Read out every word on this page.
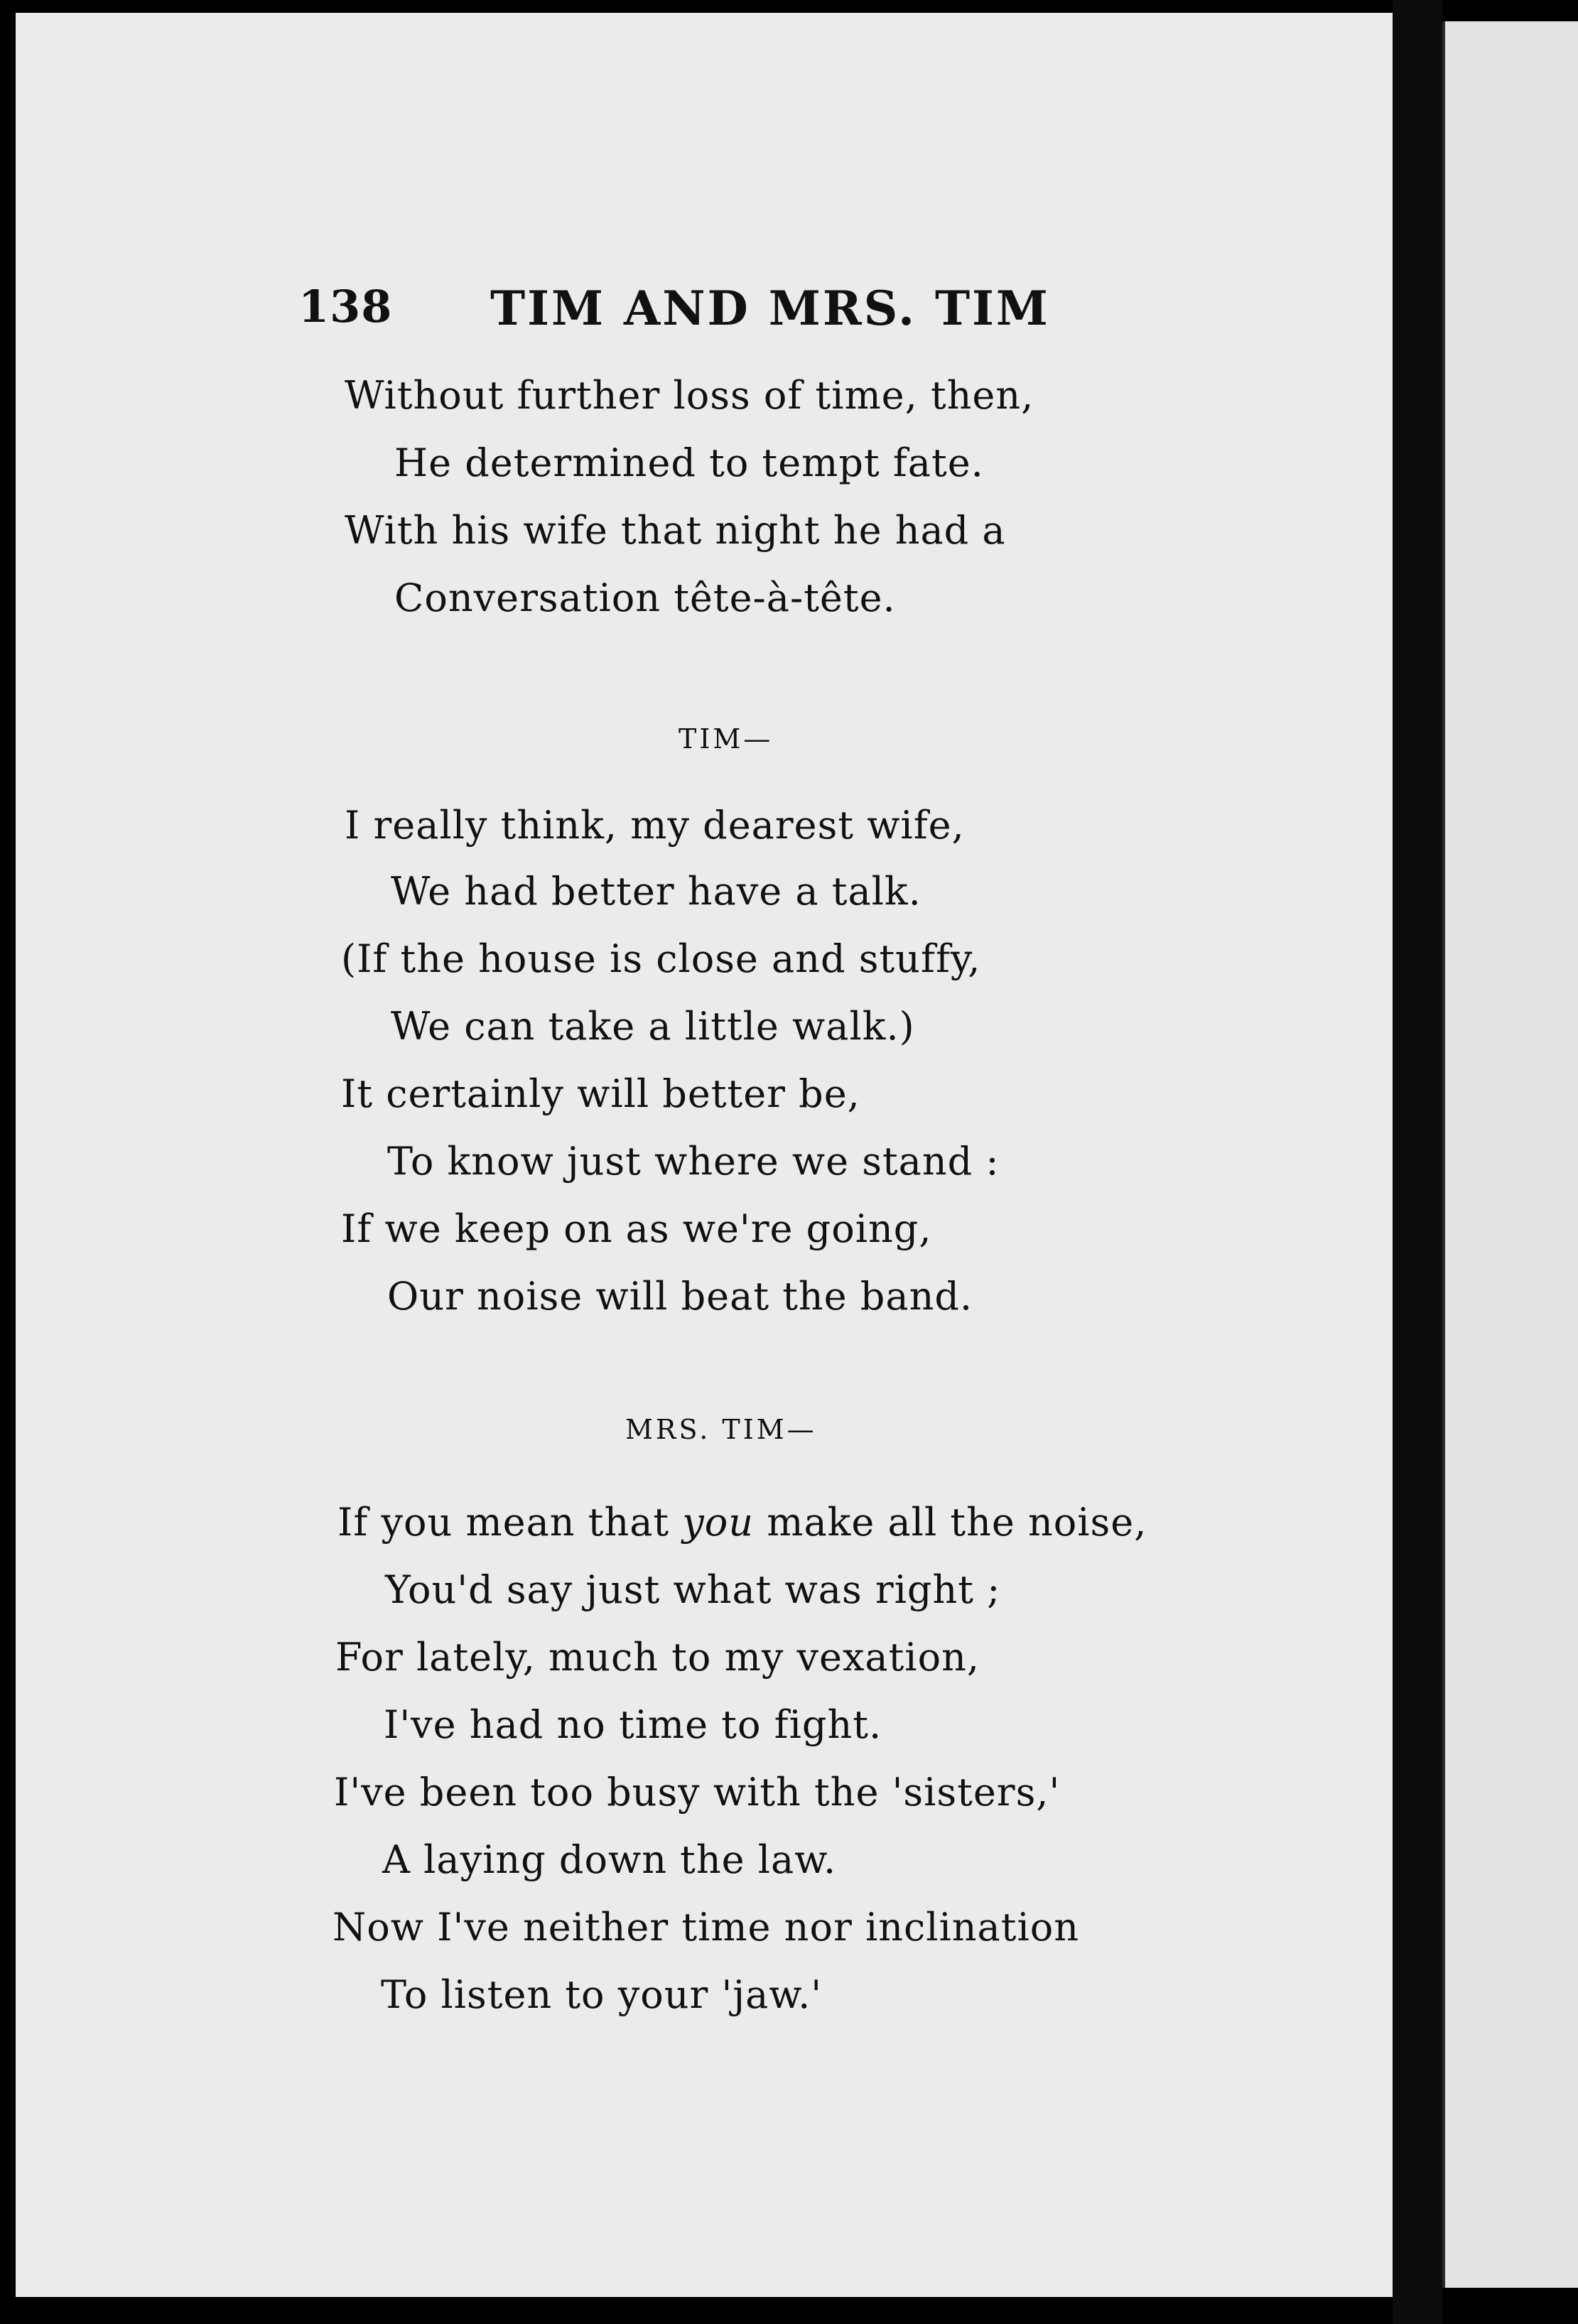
138 TIM AND MRS. TIM
Without further loss of time, then,
He determined to tempt fate.
With his wife that night he had a
Conversation tête-à-tête.
TIM—
I really think, my dearest wife,
We had better have a talk.
(If the house is close and stuffy,
We can take a little walk.)
It certainly will better be,
To know just where we stand :
If we keep on as we're going,
Our noise will beat the band.
MRS. TIM—
If you mean that you make all the noise,
You'd say just what was right ;
For lately, much to my vexation,
I've had no time to fight.
I've been too busy with the 'sisters,'
A laying down the law.
Now I've neither time nor inclination
To listen to your 'jaw.'
